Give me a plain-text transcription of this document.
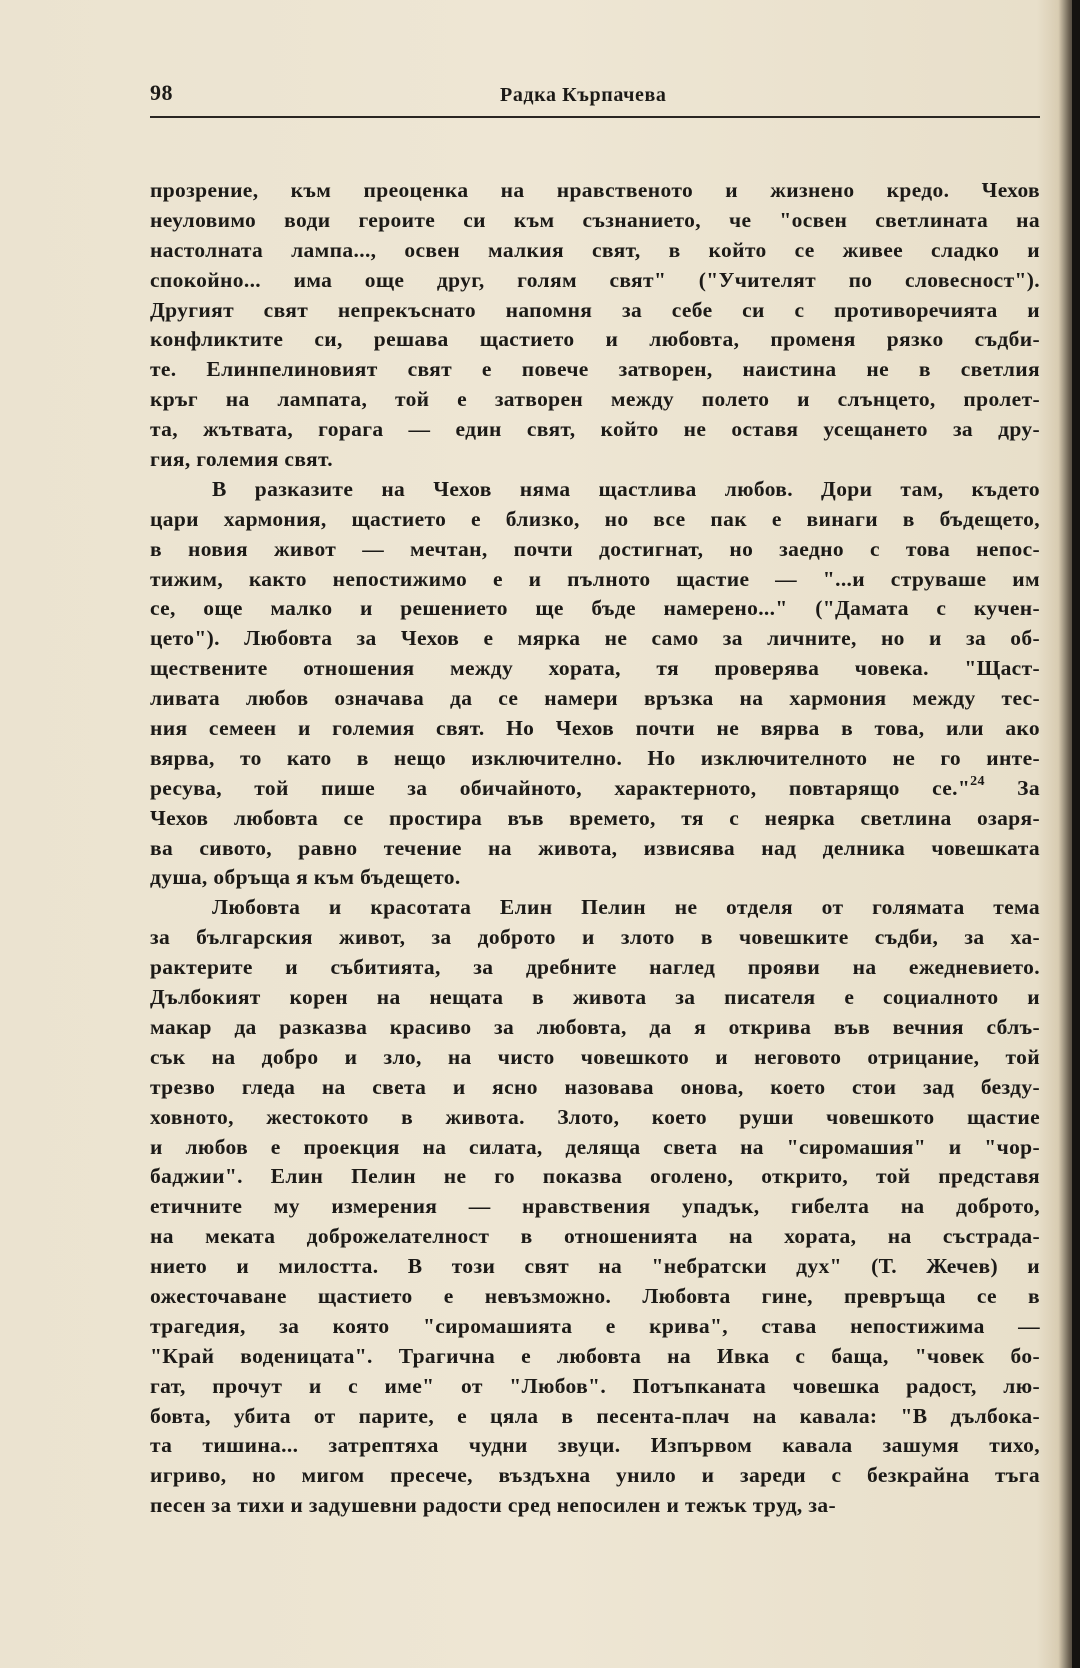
98	Радка Кърпачева
прозрение, към преоценка на нравственото и жизнено кредо. Чехов
неуловимо води героите си към съзнанието, че "освен светлината на
настолната лампа..., освен малкия свят, в който се живее сладко и
спокойно... има още друг, голям свят" ("Учителят по словесност").
Другият свят непрекъснато напомня за себе си с противоречията и
конфликтите си, решава щастието и любовта, променя рязко съдби-
те. Елинпелиновият свят е повече затворен, наистина не в светлия
кръг на лампата, той е затворен между полето и слънцето, пролет-
та, жътвата, горага — един свят, който не оставя усещането за дру-
гия, големия свят.
В разказите на Чехов няма щастлива любов. Дори там, където
цари хармония, щастието е близко, но все пак е винаги в бъдещето,
в новия живот — мечтан, почти достигнат, но заедно с това непос-
тижим, както непостижимо е и пълното щастие — "...и струваше им
се, още малко и решението ще бъде намерено..." ("Дамата с кучен-
цето"). Любовта за Чехов е мярка не само за личните, но и за об-
ществените отношения между хората, тя проверява човека. "Щаст-
ливата любов означава да се намери връзка на хармония между тес-
ния семеен и големия свят. Но Чехов почти не вярва в това, или ако
вярва, то като в нещо изключително. Но изключителното не го инте-
ресува, той пише за обичайното, характерното, повтарящо се."$^{24}$ За
Чехов любовта се простира във времето, тя с неярка светлина озаря-
ва сивото, равно течение на живота, извисява над делника човешката
душа, обръща я към бъдещето.
Любовта и красотата Елин Пелин не отделя от голямата тема
за българския живот, за доброто и злото в човешките съдби, за ха-
рактерите и събитията, за дребните наглед прояви на ежедневието.
Дълбокият корен на нещата в живота за писателя е социалното и
макар да разказва красиво за любовта, да я открива във вечния сблъ-
сък на добро и зло, на чисто човешкото и неговото отрицание, той
трезво гледа на света и ясно назовава онова, което стои зад безду-
ховното, жестокото в живота. Злото, което руши човешкото щастие
и любов е проекция на силата, деляща света на "сиромашия" и "чор-
баджии". Елин Пелин не го показва оголено, открито, той представя
етичните му измерения — нравствения упадък, гибелта на доброто,
на меката доброжелателност в отношенията на хората, на състрада-
нието и милостта. В този свят на "небратски дух" (Т. Жечев) и
ожесточаване щастието е невъзможно. Любовта гине, превръща се в
трагедия, за която "сиромашията е крива", става непостижима —
"Край воденицата". Трагична е любовта на Ивка с баща, "човек бо-
гат, прочут и с име" от "Любов". Потъпканата човешка радост, лю-
бовта, убита от парите, е цяла в песента-плач на кавала: "В дълбока-
та тишина... затрептяха чудни звуци. Изпървом кавала зашумя тихо,
игриво, но мигом пресече, въздъхна унило и зареди с безкрайна тъга
песен за тихи и задушевни радости сред непосилен и тежък труд, за-
